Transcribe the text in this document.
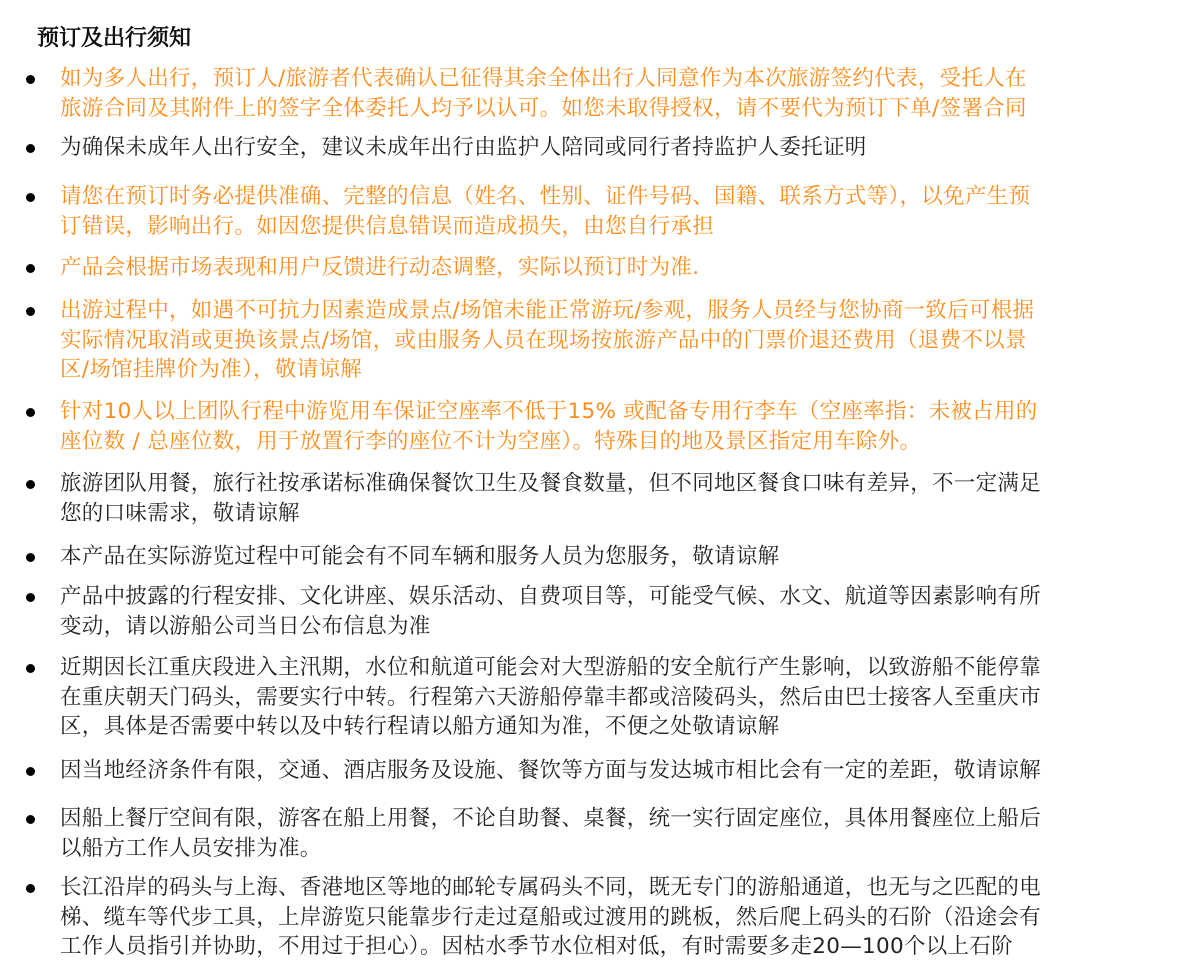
预订及出行须知
如为多人出行，预订人/旅游者代表确认已征得其余全体出行人同意作为本次旅游签约代表，受托人在
旅游合同及其附件上的签字全体委托人均予以认可。如您未取得授权，请不要代为预订下单/签署合同
为确保未成年人出行安全，建议未成年出行由监护人陪同或同行者持监护人委托证明
请您在预订时务必提供准确、完整的信息（姓名、性别、证件号码、国籍、联系方式等），以免产生预
订错误，影响出行。如因您提供信息错误而造成损失，由您自行承担
产品会根据市场表现和用户反馈进行动态调整，实际以预订时为准.
出游过程中，如遇不可抗力因素造成景点/场馆未能正常游玩/参观，服务人员经与您协商一致后可根据
实际情况取消或更换该景点/场馆，或由服务人员在现场按旅游产品中的门票价退还费用（退费不以景
区/场馆挂牌价为准），敬请谅解
针对10人以上团队行程中游览用车保证空座率不低于15% 或配备专用行李车（空座率指：未被占用的
座位数 / 总座位数，用于放置行李的座位不计为空座）。特殊目的地及景区指定用车除外。
旅游团队用餐，旅行社按承诺标准确保餐饮卫生及餐食数量，但不同地区餐食口味有差异，不一定满足
您的口味需求，敬请谅解
本产品在实际游览过程中可能会有不同车辆和服务人员为您服务，敬请谅解
产品中披露的行程安排、文化讲座、娱乐活动、自费项目等，可能受气候、水文、航道等因素影响有所
变动，请以游船公司当日公布信息为准
近期因长江重庆段进入主汛期，水位和航道可能会对大型游船的安全航行产生影响，以致游船不能停靠
在重庆朝天门码头，需要实行中转。行程第六天游船停靠丰都或涪陵码头，然后由巴士接客人至重庆市
区，具体是否需要中转以及中转行程请以船方通知为准，不便之处敬请谅解
因当地经济条件有限，交通、酒店服务及设施、餐饮等方面与发达城市相比会有一定的差距，敬请谅解
因船上餐厅空间有限，游客在船上用餐，不论自助餐、桌餐，统一实行固定座位，具体用餐座位上船后
以船方工作人员安排为准。
长江沿岸的码头与上海、香港地区等地的邮轮专属码头不同，既无专门的游船通道，也无与之匹配的电
梯、缆车等代步工具，上岸游览只能靠步行走过趸船或过渡用的跳板，然后爬上码头的石阶（沿途会有
工作人员指引并协助，不用过于担心）。因枯水季节水位相对低，有时需要多走20—100个以上石阶
